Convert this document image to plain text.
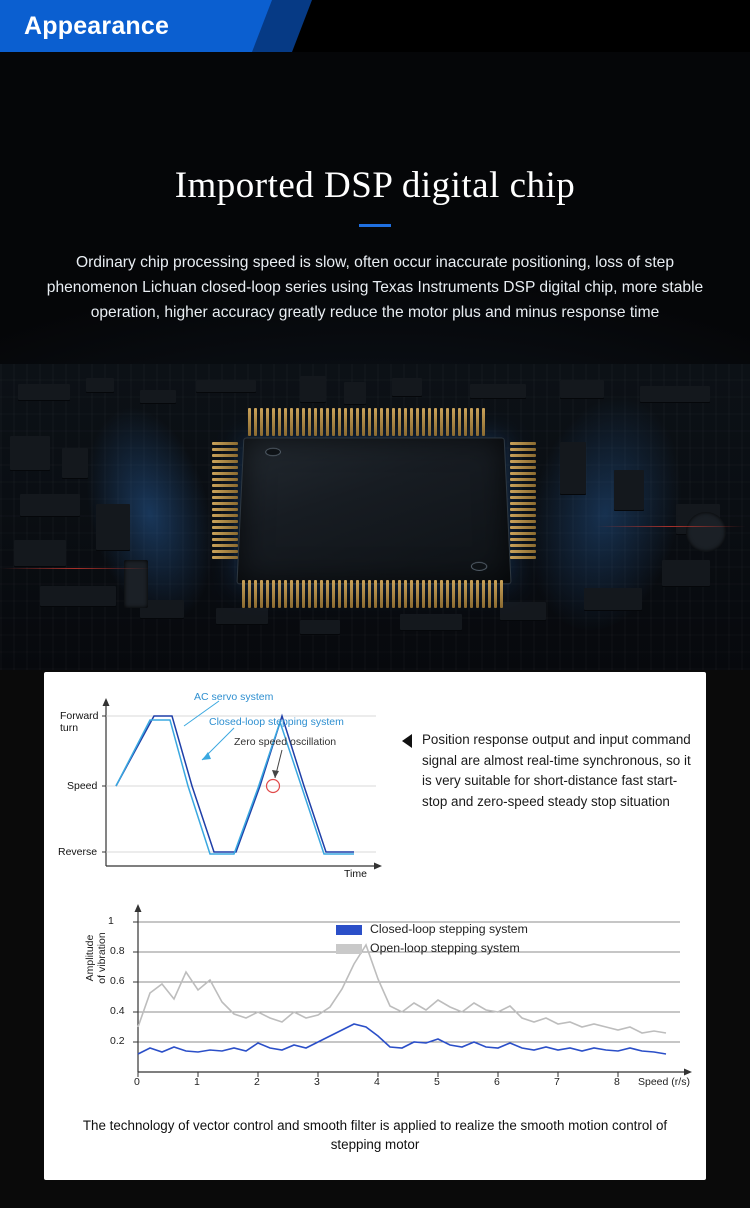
Appearance
Imported DSP digital chip
Ordinary chip processing speed is slow, often occur inaccurate positioning, loss of step phenomenon Lichuan closed-loop series using Texas Instruments DSP digital chip, more stable operation, higher accuracy greatly reduce the motor plus and minus response time
Forward
turn
Speed
Reverse
Time
AC servo system
Closed-loop stepping system
Zero speed oscillation	Position response output and input command signal are almost real-time synchronous, so it is very suitable for short-distance fast start-stop and zero-speed steady stop situation
1
0.8
0.6
0.4
0.2
0	1	2	3	4	5	6	7	8 Speed (r/s)
Amplitude
of vibration
Closed-loop stepping system
Open-loop stepping system
The technology of vector control and smooth filter is applied to realize the smooth motion control of stepping motor
